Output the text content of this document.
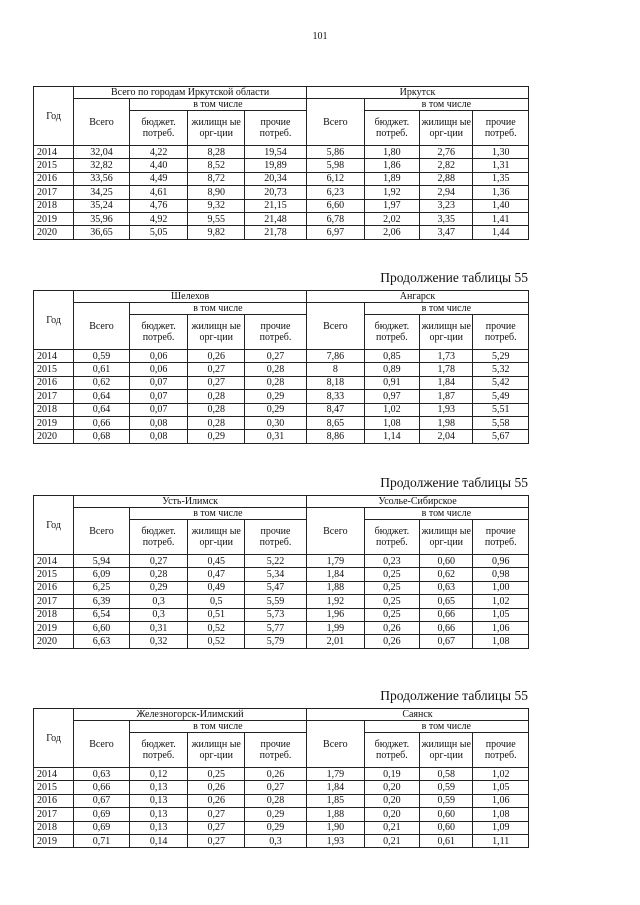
101
Год	Всего по городам Иркутской области				Иркутск			
	Всего	в том числе			Всего	в том числе		
		бюджет. потреб.	жилищн ые орг-ции	прочие потреб.		бюджет. потреб.	жилищн ые орг-ции	прочие потреб.
2014	32,04	4,22	8,28	19,54	5,86	1,80	2,76	1,30
2015	32,82	4,40	8,52	19,89	5,98	1,86	2,82	1,31
2016	33,56	4,49	8,72	20,34	6,12	1,89	2,88	1,35
2017	34,25	4,61	8,90	20,73	6,23	1,92	2,94	1,36
2018	35,24	4,76	9,32	21,15	6,60	1,97	3,23	1,40
2019	35,96	4,92	9,55	21,48	6,78	2,02	3,35	1,41
2020	36,65	5,05	9,82	21,78	6,97	2,06	3,47	1,44
Продолжение таблицы 55
Год	Шелехов				Ангарск			
	Всего	в том числе			Всего	в том числе		
		бюджет. потреб.	жилищн ые орг-ции	прочие потреб.		бюджет. потреб.	жилищн ые орг-ции	прочие потреб.
2014	0,59	0,06	0,26	0,27	7,86	0,85	1,73	5,29
2015	0,61	0,06	0,27	0,28	8	0,89	1,78	5,32
2016	0,62	0,07	0,27	0,28	8,18	0,91	1,84	5,42
2017	0,64	0,07	0,28	0,29	8,33	0,97	1,87	5,49
2018	0,64	0,07	0,28	0,29	8,47	1,02	1,93	5,51
2019	0,66	0,08	0,28	0,30	8,65	1,08	1,98	5,58
2020	0,68	0,08	0,29	0,31	8,86	1,14	2,04	5,67
Продолжение таблицы 55
Год	Усть-Илимск				Усолье-Сибирское			
	Всего	в том числе			Всего	в том числе		
		бюджет. потреб.	жилищн ые орг-ции	прочие потреб.		бюджет. потреб.	жилищн ые орг-ции	прочие потреб.
2014	5,94	0,27	0,45	5,22	1,79	0,23	0,60	0,96
2015	6,09	0,28	0,47	5,34	1,84	0,25	0,62	0,98
2016	6,25	0,29	0,49	5,47	1,88	0,25	0,63	1,00
2017	6,39	0,3	0,5	5,59	1,92	0,25	0,65	1,02
2018	6,54	0,3	0,51	5,73	1,96	0,25	0,66	1,05
2019	6,60	0,31	0,52	5,77	1,99	0,26	0,66	1,06
2020	6,63	0,32	0,52	5,79	2,01	0,26	0,67	1,08
Продолжение таблицы 55
Год	Железногорск-Илимский				Саянск			
	Всего	в том числе			Всего	в том числе		
		бюджет. потреб.	жилищн ые орг-ции	прочие потреб.		бюджет. потреб.	жилищн ые орг-ции	прочие потреб.
2014	0,63	0,12	0,25	0,26	1,79	0,19	0,58	1,02
2015	0,66	0,13	0,26	0,27	1,84	0,20	0,59	1,05
2016	0,67	0,13	0,26	0,28	1,85	0,20	0,59	1,06
2017	0,69	0,13	0,27	0,29	1,88	0,20	0,60	1,08
2018	0,69	0,13	0,27	0,29	1,90	0,21	0,60	1,09
2019	0,71	0,14	0,27	0,3	1,93	0,21	0,61	1,11
